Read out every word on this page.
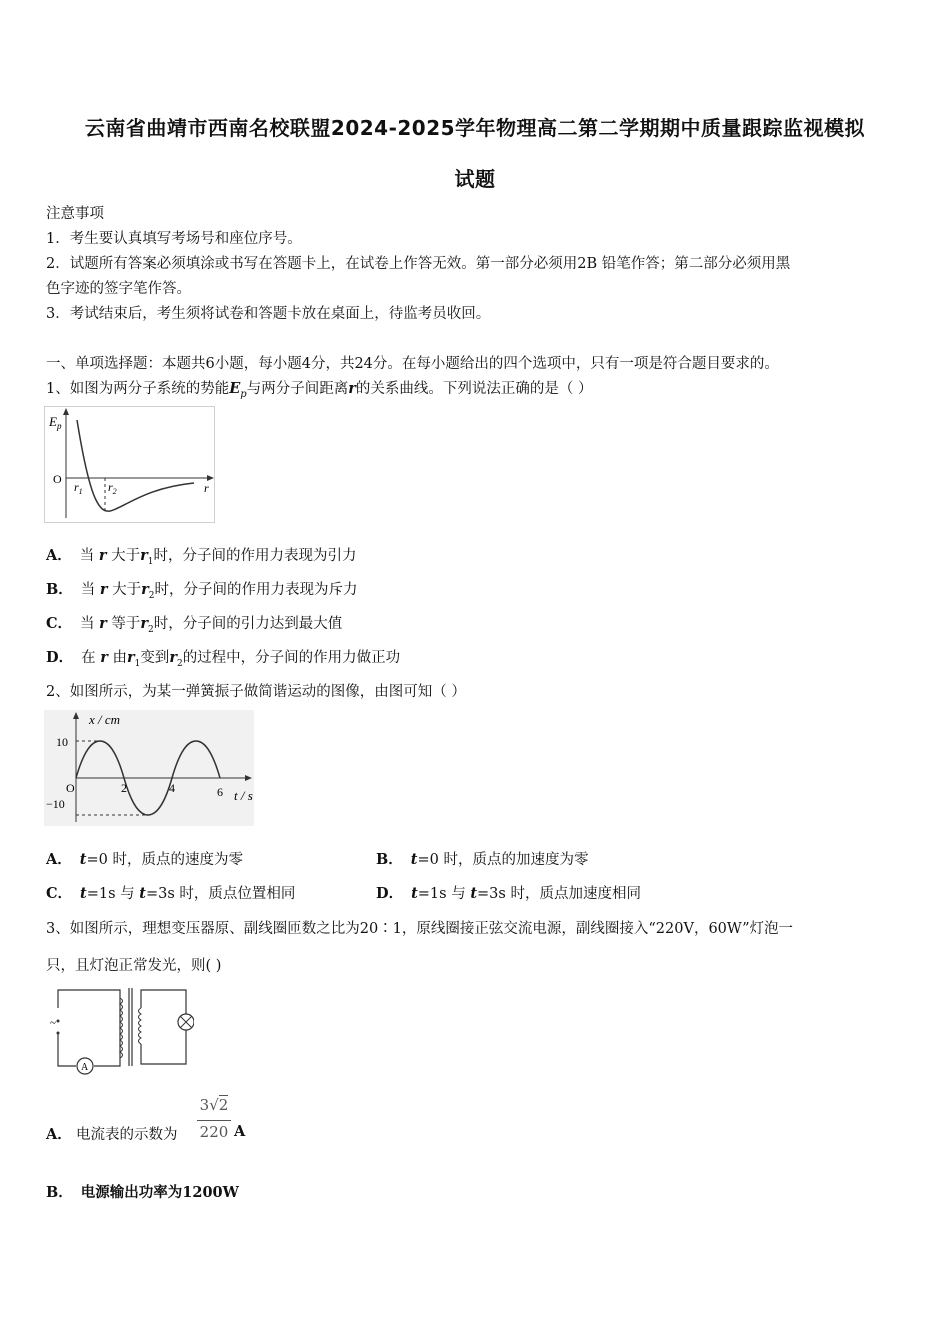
云南省曲靖市西南名校联盟2024-2025学年物理高二第二学期期中质量跟踪监视模拟
试题
注意事项
1．考生要认真填写考场号和座位序号。
2．试题所有答案必须填涂或书写在答题卡上，在试卷上作答无效。第一部分必须用2B 铅笔作答；第二部分必须用黑
色字迹的签字笔作答。
3．考试结束后，考生须将试卷和答题卡放在桌面上，待监考员收回。
一、单项选择题：本题共6小题，每小题4分，共24分。在每小题给出的四个选项中，只有一项是符合题目要求的。
1、如图为两分子系统的势能$E_p$与两分子间距离r的关系曲线。下列说法正确的是（ ）
$E_p$
O
$r_1$ $r_2$	r
A． 当 r 大于$r_1$时，分子间的作用力表现为引力
B． 当 r 大于$r_2$时，分子间的作用力表现为斥力
C． 当 r 等于$r_2$时，分子间的引力达到最大值
D． 在 r 由$r_1$变到$r_2$的过程中，分子间的作用力做正功
2、如图所示，为某一弹簧振子做简谐运动的图像，由图可知（ ）
x / cm
10
−10
O	2	4	6 t / s
A． t=0 时，质点的速度为零	B． t=0 时，质点的加速度为零
C． t=1s 与 t=3s 时，质点位置相同	D． t=1s 与 t=3s 时，质点加速度相同
3、如图所示，理想变压器原、副线圈匝数之比为20∶1，原线圈接正弦交流电源，副线圈接入“220V，60W”灯泡一
只，且灯泡正常发光，则( )
~
A
A． 电流表的示数为
3√2
220 A
B． 电源输出功率为1200W
